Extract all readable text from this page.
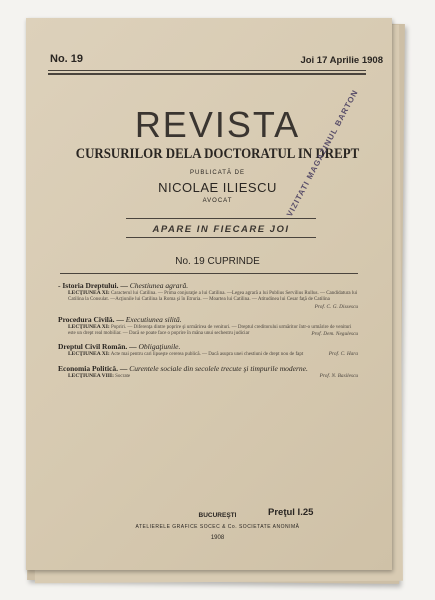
No. 19	Joi 17 Aprilie 1908
REVISTA
CURSURILOR DELA DOCTORATUL IN DREPT
PUBLICATĂ DE
NICOLAE ILIESCU
AVOCAT
APARE IN FIECARE JOI
VIZITATI MAGAZINUL BARTON
No. 19 CUPRINDE
- Istoria Dreptului. — Chestiunea agrară.
LECŢIUNEA XI: Caracterul lui Catilina. — Prima conjuraţie a lui Catilina. —Legea agrară a lui Publius Servilius Rullus. — Candidatura lui Catilina la Consulat. —Acţiunile lui Catilina la Roma şi în Etruria. — Moartea lui Catilina. — Atitudinea lui Cesar faţă de Catilina
Prof. C. G. Dissescu
Procedura Civilă. — Executiunea silită.
LECŢIUNEA XI: Popriri. — Diferenţa dintre poprire şi urmărirea de venituri. — Dreptul creditorului urmăritor într-o urmărire de venituri este un drept real mobiliar. — Dacă se poate face o poprire în mâna unui sechestru judiciar	Prof. Dem. Negulescu
Dreptul Civil Român. — Obligaţiunile.
LECŢIUNEA XI: Acte mai pentru cari lipseşte cererea publică. — Dacă asupra unei chestiuni de drept nou de fapt	Prof. C. Hara
Economia Politică. — Curentele sociale din secolele trecute şi timpurile moderne.
LECŢIUNEA VIII: Socrate	Prof. N. Basilescu
BUCUREŞTI
ATELIERELE GRAFICE SOCEC & Co. SOCIETATE ANONIMĂ
1908
Preţul I.25
